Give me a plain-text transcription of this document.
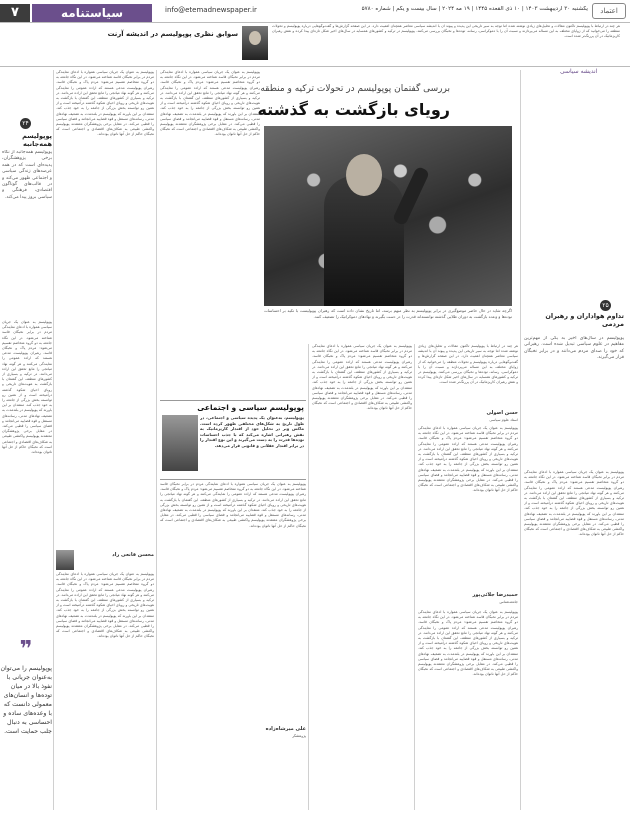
۷	سیاستنامه	info@etemadnewspaper.ir	یکشنبه ۳۰ اردیبهشت ۱۴۰۳ | ۱۰ ذی القعده ۱۴۴۵ | ۱۹ مه ۲۰۲۴ | سال بیست و یکم | شماره ۵۷۸۰	اعتماد
سوابق نظری پوپولیسم در اندیشه آرنت
هر چند در ارتباط با پوپولیسم تاکنون مقالات و تحلیل‌های زیادی نوشته شده اما توجه به سیر تاریخی این پدیده و پیوند آن با اندیشه سیاسی معاصر همچنان اهمیت دارد. در این صفحه گزارش‌ها و گفت‌وگوهایی درباره پوپولیسم و تحولات منطقه را می‌خوانید که از زوایای مختلف به این مساله می‌پردازند و نسبت آن را با دموکراسی، رسانه، توده‌ها و نخبگان بررسی می‌کنند. پوپولیسم در ترکیه و کشورهای همسایه در سال‌های اخیر شکل تازه‌ای پیدا کرده و نقش رهبران کاریزماتیک در آن پررنگ‌تر شده است.
اندیشه سیاسی
بررسی گفتمان پوپولیسم در تحولات ترکیه و منطقه
رویای بازگشت به گذشته
اگرچه شاید در حال حاضر موضع‌گیری در برابر پوپولیسم به نظر مبهم برسد، اما تاریخ نشان داده است که رهبران پوپولیست با تکیه بر احساسات توده‌ها و وعده بازگشت به دوران طلایی گذشته توانسته‌اند قدرت را در دست بگیرند و نهادهای دموکراتیک را تضعیف کنند.
۲۵
تداوم هواداران و رهبران مردمی
پوپولیسم در سال‌های اخیر به یکی از مهم‌ترین مفاهیم در علوم سیاسی تبدیل شده است. رهبرانی که خود را صدای مردم می‌دانند و در برابر نخبگان قرار می‌گیرند.
پوپولیسم به عنوان یک جریان سیاسی همواره با ادعای نمایندگی مردم در برابر نخبگان فاسد شناخته می‌شود. در این نگاه جامعه به دو گروه متخاصم تقسیم می‌شود: مردم پاک و نخبگان فاسد. رهبران پوپولیست مدعی هستند که اراده عمومی را نمایندگی می‌کنند و هر گونه نهاد میانجی را مانع تحقق این اراده می‌دانند. در ترکیه و بسیاری از کشورهای منطقه، این گفتمان با بازگشت به هویت‌های تاریخی و رویای احیای شکوه گذشته درآمیخته است و از همین رو توانسته بخش بزرگی از جامعه را به خود جذب کند. منتقدان بر این باورند که پوپولیسم در بلندمدت به تضعیف نهادهای مدنی، رسانه‌های مستقل و قوه قضاییه می‌انجامد و فضای سیاسی را قطبی می‌کند. در مقابل برخی پژوهشگران معتقدند پوپولیسم واکنشی طبیعی به شکاف‌های اقتصادی و اجتماعی است که نخبگان حاکم از حل آنها ناتوان بوده‌اند.
هر چند در ارتباط با پوپولیسم تاکنون مقالات و تحلیل‌های زیادی نوشته شده اما توجه به سیر تاریخی این پدیده و پیوند آن با اندیشه سیاسی معاصر همچنان اهمیت دارد. در این صفحه گزارش‌ها و گفت‌وگوهایی درباره پوپولیسم و تحولات منطقه را می‌خوانید که از زوایای مختلف به این مساله می‌پردازند و نسبت آن را با دموکراسی، رسانه، توده‌ها و نخبگان بررسی می‌کنند. پوپولیسم در ترکیه و کشورهای همسایه در سال‌های اخیر شکل تازه‌ای پیدا کرده و نقش رهبران کاریزماتیک در آن پررنگ‌تر شده است.
حسن اصولی
استاد علوم سیاسی
پوپولیسم به عنوان یک جریان سیاسی همواره با ادعای نمایندگی مردم در برابر نخبگان فاسد شناخته می‌شود. در این نگاه جامعه به دو گروه متخاصم تقسیم می‌شود: مردم پاک و نخبگان فاسد. رهبران پوپولیست مدعی هستند که اراده عمومی را نمایندگی می‌کنند و هر گونه نهاد میانجی را مانع تحقق این اراده می‌دانند. در ترکیه و بسیاری از کشورهای منطقه، این گفتمان با بازگشت به هویت‌های تاریخی و رویای احیای شکوه گذشته درآمیخته است و از همین رو توانسته بخش بزرگی از جامعه را به خود جذب کند. منتقدان بر این باورند که پوپولیسم در بلندمدت به تضعیف نهادهای مدنی، رسانه‌های مستقل و قوه قضاییه می‌انجامد و فضای سیاسی را قطبی می‌کند. در مقابل برخی پژوهشگران معتقدند پوپولیسم واکنشی طبیعی به شکاف‌های اقتصادی و اجتماعی است که نخبگان حاکم از حل آنها ناتوان بوده‌اند.
حمیدرضا جلائی‌پور
جامعه‌شناس
پوپولیسم به عنوان یک جریان سیاسی همواره با ادعای نمایندگی مردم در برابر نخبگان فاسد شناخته می‌شود. در این نگاه جامعه به دو گروه متخاصم تقسیم می‌شود: مردم پاک و نخبگان فاسد. رهبران پوپولیست مدعی هستند که اراده عمومی را نمایندگی می‌کنند و هر گونه نهاد میانجی را مانع تحقق این اراده می‌دانند. در ترکیه و بسیاری از کشورهای منطقه، این گفتمان با بازگشت به هویت‌های تاریخی و رویای احیای شکوه گذشته درآمیخته است و از همین رو توانسته بخش بزرگی از جامعه را به خود جذب کند. منتقدان بر این باورند که پوپولیسم در بلندمدت به تضعیف نهادهای مدنی، رسانه‌های مستقل و قوه قضاییه می‌انجامد و فضای سیاسی را قطبی می‌کند. در مقابل برخی پژوهشگران معتقدند پوپولیسم واکنشی طبیعی به شکاف‌های اقتصادی و اجتماعی است که نخبگان حاکم از حل آنها ناتوان بوده‌اند.
پوپولیسم به عنوان یک جریان سیاسی همواره با ادعای نمایندگی مردم در برابر نخبگان فاسد شناخته می‌شود. در این نگاه جامعه به دو گروه متخاصم تقسیم می‌شود: مردم پاک و نخبگان فاسد. رهبران پوپولیست مدعی هستند که اراده عمومی را نمایندگی می‌کنند و هر گونه نهاد میانجی را مانع تحقق این اراده می‌دانند. در ترکیه و بسیاری از کشورهای منطقه، این گفتمان با بازگشت به هویت‌های تاریخی و رویای احیای شکوه گذشته درآمیخته است و از همین رو توانسته بخش بزرگی از جامعه را به خود جذب کند. منتقدان بر این باورند که پوپولیسم در بلندمدت به تضعیف نهادهای مدنی، رسانه‌های مستقل و قوه قضاییه می‌انجامد و فضای سیاسی را قطبی می‌کند. در مقابل برخی پژوهشگران معتقدند پوپولیسم واکنشی طبیعی به شکاف‌های اقتصادی و اجتماعی است که نخبگان حاکم از حل آنها ناتوان بوده‌اند.
پوپولیسم به عنوان یک جریان سیاسی همواره با ادعای نمایندگی مردم در برابر نخبگان فاسد شناخته می‌شود. در این نگاه جامعه به دو گروه متخاصم تقسیم می‌شود: مردم پاک و نخبگان فاسد. رهبران پوپولیست مدعی هستند که اراده عمومی را نمایندگی می‌کنند و هر گونه نهاد میانجی را مانع تحقق این اراده می‌دانند. در ترکیه و بسیاری از کشورهای منطقه، این گفتمان با بازگشت به هویت‌های تاریخی و رویای احیای شکوه گذشته درآمیخته است و از همین رو توانسته بخش بزرگی از جامعه را به خود جذب کند. منتقدان بر این باورند که پوپولیسم در بلندمدت به تضعیف نهادهای مدنی، رسانه‌های مستقل و قوه قضاییه می‌انجامد و فضای سیاسی را قطبی می‌کند. در مقابل برخی پژوهشگران معتقدند پوپولیسم واکنشی طبیعی به شکاف‌های اقتصادی و اجتماعی است که نخبگان حاکم از حل آنها ناتوان بوده‌اند.
پوپولیسم سیاسی و اجتماعی
پوپولیسم، به‌عنوان یک پدیده سیاسی و اجتماعی، در طول تاریخ به شکل‌های مختلفی ظهور کرده است. ماکس وبر در تحلیل خود از اقتدار کاریزماتیک به نقش رهبرانی اشاره می‌کند که با جذب احساسات توده‌ها قدرت را به دست می‌گیرند و این نوع اقتدار را در برابر اقتدار عقلانی و قانونی قرار می‌دهد.
پوپولیسم به عنوان یک جریان سیاسی همواره با ادعای نمایندگی مردم در برابر نخبگان فاسد شناخته می‌شود. در این نگاه جامعه به دو گروه متخاصم تقسیم می‌شود: مردم پاک و نخبگان فاسد. رهبران پوپولیست مدعی هستند که اراده عمومی را نمایندگی می‌کنند و هر گونه نهاد میانجی را مانع تحقق این اراده می‌دانند. در ترکیه و بسیاری از کشورهای منطقه، این گفتمان با بازگشت به هویت‌های تاریخی و رویای احیای شکوه گذشته درآمیخته است و از همین رو توانسته بخش بزرگی از جامعه را به خود جذب کند. منتقدان بر این باورند که پوپولیسم در بلندمدت به تضعیف نهادهای مدنی، رسانه‌های مستقل و قوه قضاییه می‌انجامد و فضای سیاسی را قطبی می‌کند. در مقابل برخی پژوهشگران معتقدند پوپولیسم واکنشی طبیعی به شکاف‌های اقتصادی و اجتماعی است که نخبگان حاکم از حل آنها ناتوان بوده‌اند.
پوپولیسم به عنوان یک جریان سیاسی همواره با ادعای نمایندگی مردم در برابر نخبگان فاسد شناخته می‌شود. در این نگاه جامعه به دو گروه متخاصم تقسیم می‌شود: مردم پاک و نخبگان فاسد. رهبران پوپولیست مدعی هستند که اراده عمومی را نمایندگی می‌کنند و هر گونه نهاد میانجی را مانع تحقق این اراده می‌دانند. در ترکیه و بسیاری از کشورهای منطقه، این گفتمان با بازگشت به هویت‌های تاریخی و رویای احیای شکوه گذشته درآمیخته است و از همین رو توانسته بخش بزرگی از جامعه را به خود جذب کند. منتقدان بر این باورند که پوپولیسم در بلندمدت به تضعیف نهادهای مدنی، رسانه‌های مستقل و قوه قضاییه می‌انجامد و فضای سیاسی را قطبی می‌کند. در مقابل برخی پژوهشگران معتقدند پوپولیسم واکنشی طبیعی به شکاف‌های اقتصادی و اجتماعی است که نخبگان حاکم از حل آنها ناتوان بوده‌اند.
محسن قانعی راد
پوپولیسم به عنوان یک جریان سیاسی همواره با ادعای نمایندگی مردم در برابر نخبگان فاسد شناخته می‌شود. در این نگاه جامعه به دو گروه متخاصم تقسیم می‌شود: مردم پاک و نخبگان فاسد. رهبران پوپولیست مدعی هستند که اراده عمومی را نمایندگی می‌کنند و هر گونه نهاد میانجی را مانع تحقق این اراده می‌دانند. در ترکیه و بسیاری از کشورهای منطقه، این گفتمان با بازگشت به هویت‌های تاریخی و رویای احیای شکوه گذشته درآمیخته است و از همین رو توانسته بخش بزرگی از جامعه را به خود جذب کند. منتقدان بر این باورند که پوپولیسم در بلندمدت به تضعیف نهادهای مدنی، رسانه‌های مستقل و قوه قضاییه می‌انجامد و فضای سیاسی را قطبی می‌کند. در مقابل برخی پژوهشگران معتقدند پوپولیسم واکنشی طبیعی به شکاف‌های اقتصادی و اجتماعی است که نخبگان حاکم از حل آنها ناتوان بوده‌اند.
۲۴
پوپولیسم همه‌جانبه
پوپولیسم همه‌جانبه از نگاه برخی پژوهشگران، پدیده‌ای است که در همه عرصه‌های زندگی سیاسی و اجتماعی ظهور می‌کند و در قالب‌های گوناگون اقتصادی، فرهنگی و سیاسی بروز پیدا می‌کند.
پوپولیسم به عنوان یک جریان سیاسی همواره با ادعای نمایندگی مردم در برابر نخبگان فاسد شناخته می‌شود. در این نگاه جامعه به دو گروه متخاصم تقسیم می‌شود: مردم پاک و نخبگان فاسد. رهبران پوپولیست مدعی هستند که اراده عمومی را نمایندگی می‌کنند و هر گونه نهاد میانجی را مانع تحقق این اراده می‌دانند. در ترکیه و بسیاری از کشورهای منطقه، این گفتمان با بازگشت به هویت‌های تاریخی و رویای احیای شکوه گذشته درآمیخته است و از همین رو توانسته بخش بزرگی از جامعه را به خود جذب کند. منتقدان بر این باورند که پوپولیسم در بلندمدت به تضعیف نهادهای مدنی، رسانه‌های مستقل و قوه قضاییه می‌انجامد و فضای سیاسی را قطبی می‌کند. در مقابل برخی پژوهشگران معتقدند پوپولیسم واکنشی طبیعی به شکاف‌های اقتصادی و اجتماعی است که نخبگان حاکم از حل آنها ناتوان بوده‌اند.
❞
پوپولیسم را می‌توان به‌عنوان جریانی با نفوذ بالا در میان توده‌ها و انسان‌های معمولی دانست که با وعده‌های ساده و احساسی به دنبال جلب حمایت است.	علی میرشاه‌زاده
پژوهشگر
